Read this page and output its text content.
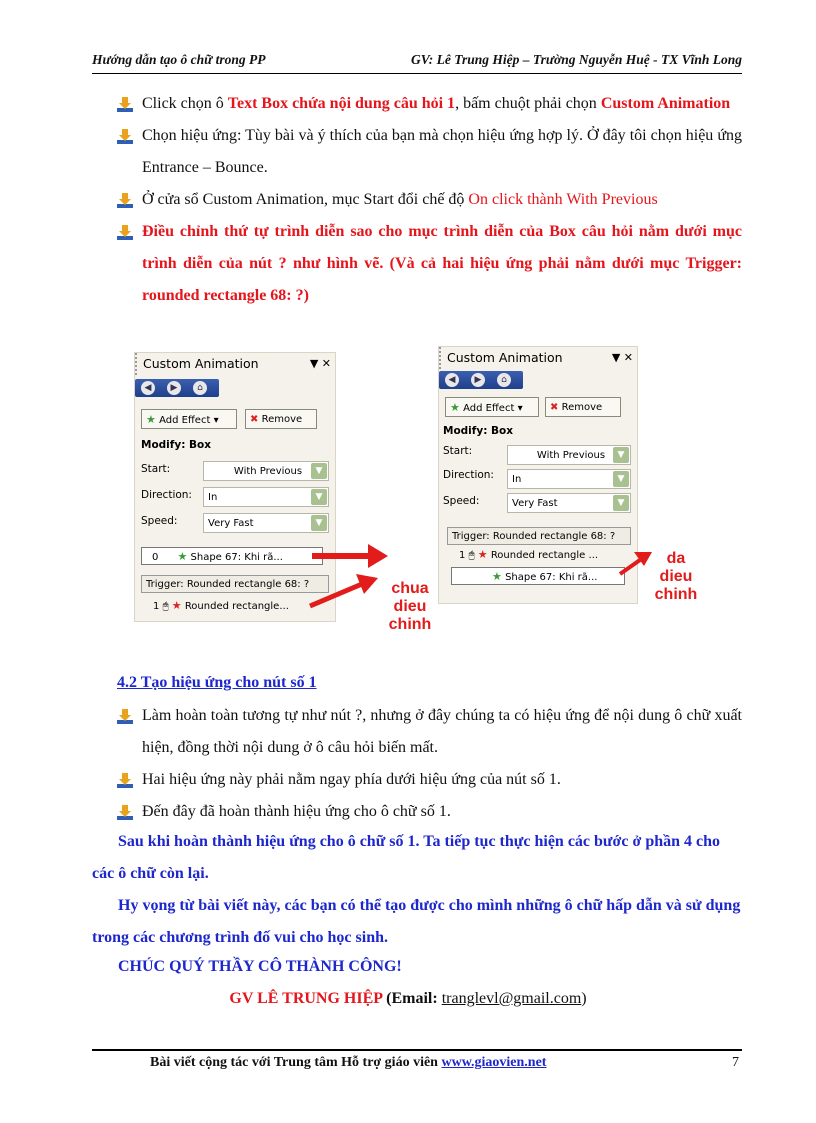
Hướng dẫn tạo ô chữ trong PP	GV: Lê Trung Hiệp – Trường Nguyễn Huệ - TX Vĩnh Long
Click chọn ô Text Box chứa nội dung câu hỏi 1, bấm chuột phải chọn Custom Animation
Chọn hiệu ứng: Tùy bài và ý thích của bạn mà chọn hiệu ứng hợp lý. Ở đây tôi chọn hiệu ứng Entrance – Bounce.
Ở cửa sổ Custom Animation, mục Start đổi chế độ On click thành With Previous
Điều chỉnh thứ tự trình diễn sao cho mục trình diễn của Box câu hỏi nằm dưới mục trình diễn của nút ? như hình vẽ. (Và cả hai hiệu ứng phải nằm dưới mục Trigger: rounded rectangle 68: ?)
Custom Animation	▼ ✕
◀	▶	⌂
★ Add Effect ▾	✖ Remove
Modify: Box
Start:	With Previous	▼
Direction:	In	▼
Speed:	Very Fast	▼
0 ★ Shape 67: Khi rã...
Trigger: Rounded rectangle 68: ?
1 🖱 ★ Rounded rectangle...
Custom Animation	▼ ✕
◀	▶	⌂
★ Add Effect ▾	✖ Remove
Modify: Box
Start:	With Previous	▼
Direction:	In	▼
Speed:	Very Fast	▼
Trigger: Rounded rectangle 68: ?
1 🖱 ★ Rounded rectangle ...
★ Shape 67: Khi rã...
chua
dieu
chinh
da
dieu
chinh
4.2 Tạo hiệu ứng cho nút số 1
Làm hoàn toàn tương tự như nút ?, nhưng ở đây chúng ta có hiệu ứng để nội dung ô chữ xuất hiện, đồng thời nội dung ở ô câu hỏi biến mất.
Hai hiệu ứng này phải nằm ngay phía dưới hiệu ứng của nút số 1.
Đến đây đã hoàn thành hiệu ứng cho ô chữ số 1.
Sau khi hoàn thành hiệu ứng cho ô chữ số 1. Ta tiếp tục thực hiện các bước ở phần 4 cho các ô chữ còn lại.
Hy vọng từ bài viết này, các bạn có thể tạo được cho mình những ô chữ hấp dẫn và sử dụng trong các chương trình đố vui cho học sinh.
CHÚC QUÝ THẦY CÔ THÀNH CÔNG!
GV LÊ TRUNG HIỆP (Email: tranglevl@gmail.com)
Bài viết cộng tác với Trung tâm Hỗ trợ giáo viên www.giaovien.net	7
